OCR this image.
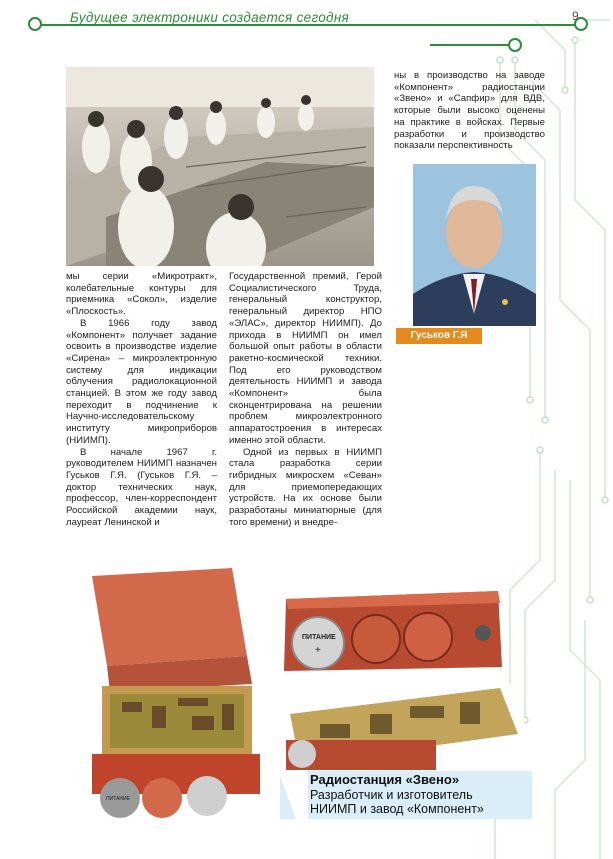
Будущее электроники создается сегодня	9

ны в производство на заводе «Компонент» радиостанции «Звено» и «Сапфир» для ВДВ, которые были высоко оценены на практике в войсках. Первые разработки и производство показали перспективность

Гуськов Г.Я

мы серии «Микротракт», колебательные контуры для приемника «Сокол», изделие «Плоскость».

В 1966 году завод «Компонент» получает задание освоить в производстве изделие «Сирена» – микроэлектронную систему для индикации облучения радиолокационной станцией. В этом же году завод переходит в подчинение к Научно-исследовательскому институту микроприборов (НИИМП).

В начале 1967 г. руководителем НИИМП назначен Гуськов Г.Я. (Гуськов Г.Я. – доктор технических наук, профессор, член-корреспондент Российской академии наук, лауреат Ленинской и

Государственной премий, Герой Социалистического Труда, генеральный конструктор, генеральный директор НПО «ЭЛАС», директор НИИМП). До прихода в НИИМП он имел большой опыт работы в области ракетно-космической техники. Под его руководством деятельность НИИМП и завода «Компонент» была сконцентрирована на решении проблем микроэлектронного аппаратостроения в интересах именно этой области.

Одной из первых в НИИМП стала разработка серии гибридных микросхем «Севан» для приемопередающих устройств. На их основе были разработаны миниатюрные (для того времени) и внедре-

ПИТАНИЕ
ПИТАНИЕ
+
Радиостанция «Звено»
Разработчик и изготовитель
НИИМП и завод «Компонент»
